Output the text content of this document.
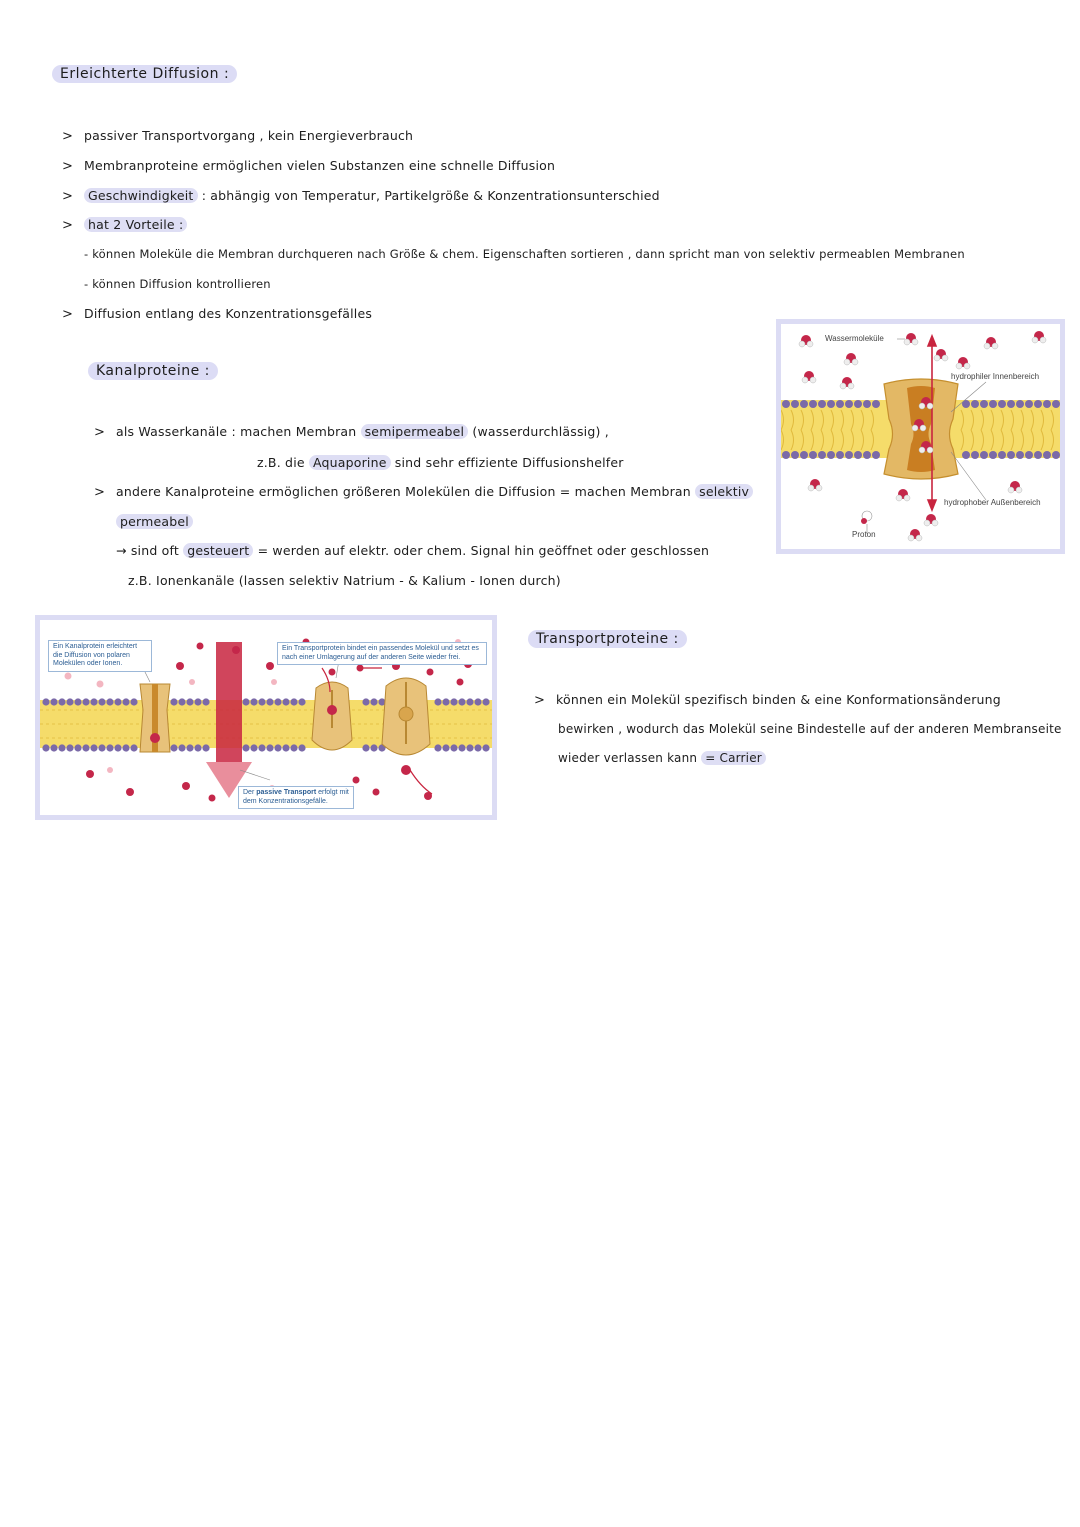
Erleichterte Diffusion :
> passiver Transportvorgang , kein Energieverbrauch
> Membranproteine ermöglichen vielen Substanzen eine schnelle Diffusion
> Geschwindigkeit : abhängig von Temperatur, Partikelgröße & Konzentrationsunterschied
> hat 2 Vorteile :
- können Moleküle die Membran durchqueren nach Größe & chem. Eigenschaften sortieren , dann spricht man von selektiv permeablen Membranen
- können Diffusion kontrollieren
> Diffusion entlang des Konzentrationsgefälles
Kanalproteine :
> als Wasserkanäle : machen Membran semipermeabel (wasserdurchlässig) ,
z.B. die Aquaporine sind sehr effiziente Diffusionshelfer
> andere Kanalproteine ermöglichen größeren Molekülen die Diffusion = machen Membran selektiv
permeabel
→ sind oft gesteuert = werden auf elektr. oder chem. Signal hin geöffnet oder geschlossen
z.B. Ionenkanäle (lassen selektiv Natrium - & Kalium - Ionen durch)
Wassermoleküle
hydrophiler Innenbereich
hydrophober Außenbereich
Proton
Ein Kanalprotein erleichtert die Diffusion von polaren Molekülen oder Ionen.
Ein Transportprotein bindet ein passendes Molekül und setzt es nach einer Umlagerung auf der anderen Seite wieder frei.
Der passive Transport erfolgt mit dem Konzentrationsgefälle.
Transportproteine :
> können ein Molekül spezifisch binden & eine Konformationsänderung
bewirken , wodurch das Molekül seine Bindestelle auf der anderen Membranseite
wieder verlassen kann = Carrier
